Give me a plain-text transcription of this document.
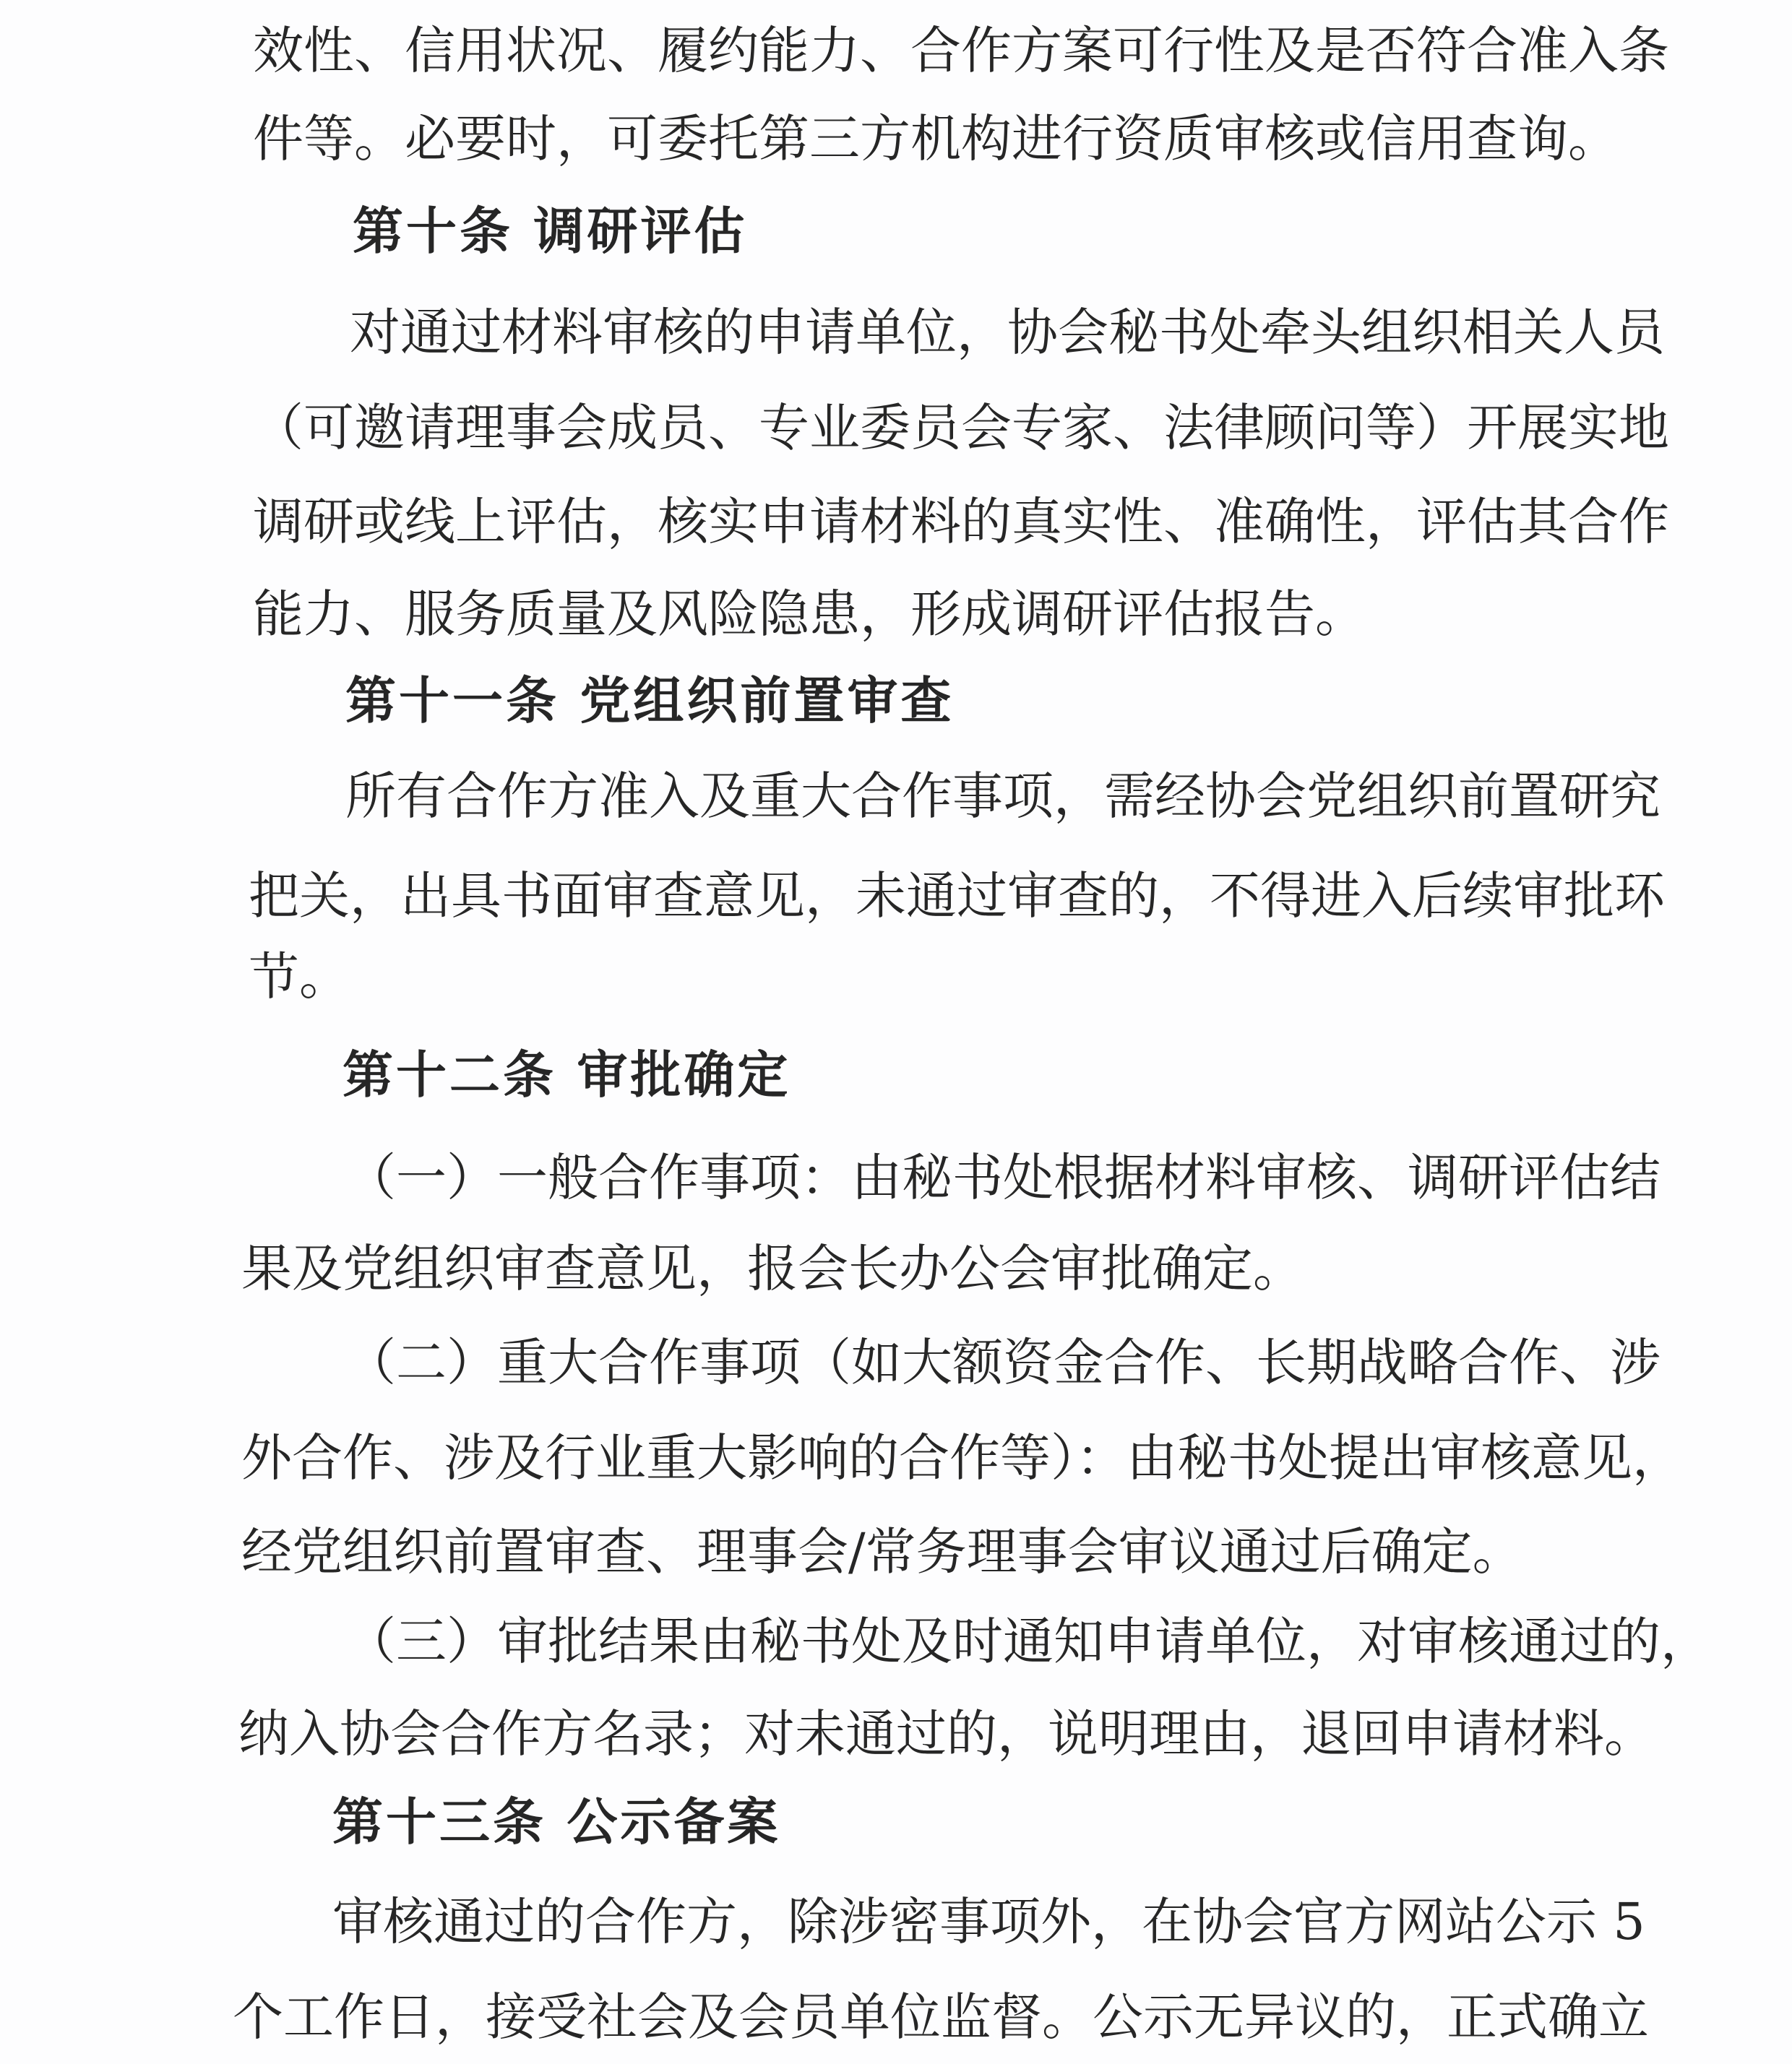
效性、信用状况、履约能力、合作方案可行性及是否符合准入条
件等。必要时，可委托第三方机构进行资质审核或信用查询。
第十条 调研评估
对通过材料审核的申请单位，协会秘书处牵头组织相关人员
（可邀请理事会成员、专业委员会专家、法律顾问等）开展实地
调研或线上评估，核实申请材料的真实性、准确性，评估其合作
能力、服务质量及风险隐患，形成调研评估报告。
第十一条 党组织前置审查
所有合作方准入及重大合作事项，需经协会党组织前置研究
把关，出具书面审查意见，未通过审查的，不得进入后续审批环
节。
第十二条 审批确定
（一）一般合作事项：由秘书处根据材料审核、调研评估结
果及党组织审查意见，报会长办公会审批确定。
（二）重大合作事项（如大额资金合作、长期战略合作、涉
外合作、涉及行业重大影响的合作等）：由秘书处提出审核意见，
经党组织前置审查、理事会/常务理事会审议通过后确定。
（三）审批结果由秘书处及时通知申请单位，对审核通过的，
纳入协会合作方名录；对未通过的，说明理由，退回申请材料。
第十三条 公示备案
审核通过的合作方，除涉密事项外，在协会官方网站公示 5
个工作日，接受社会及会员单位监督。公示无异议的，正式确立
